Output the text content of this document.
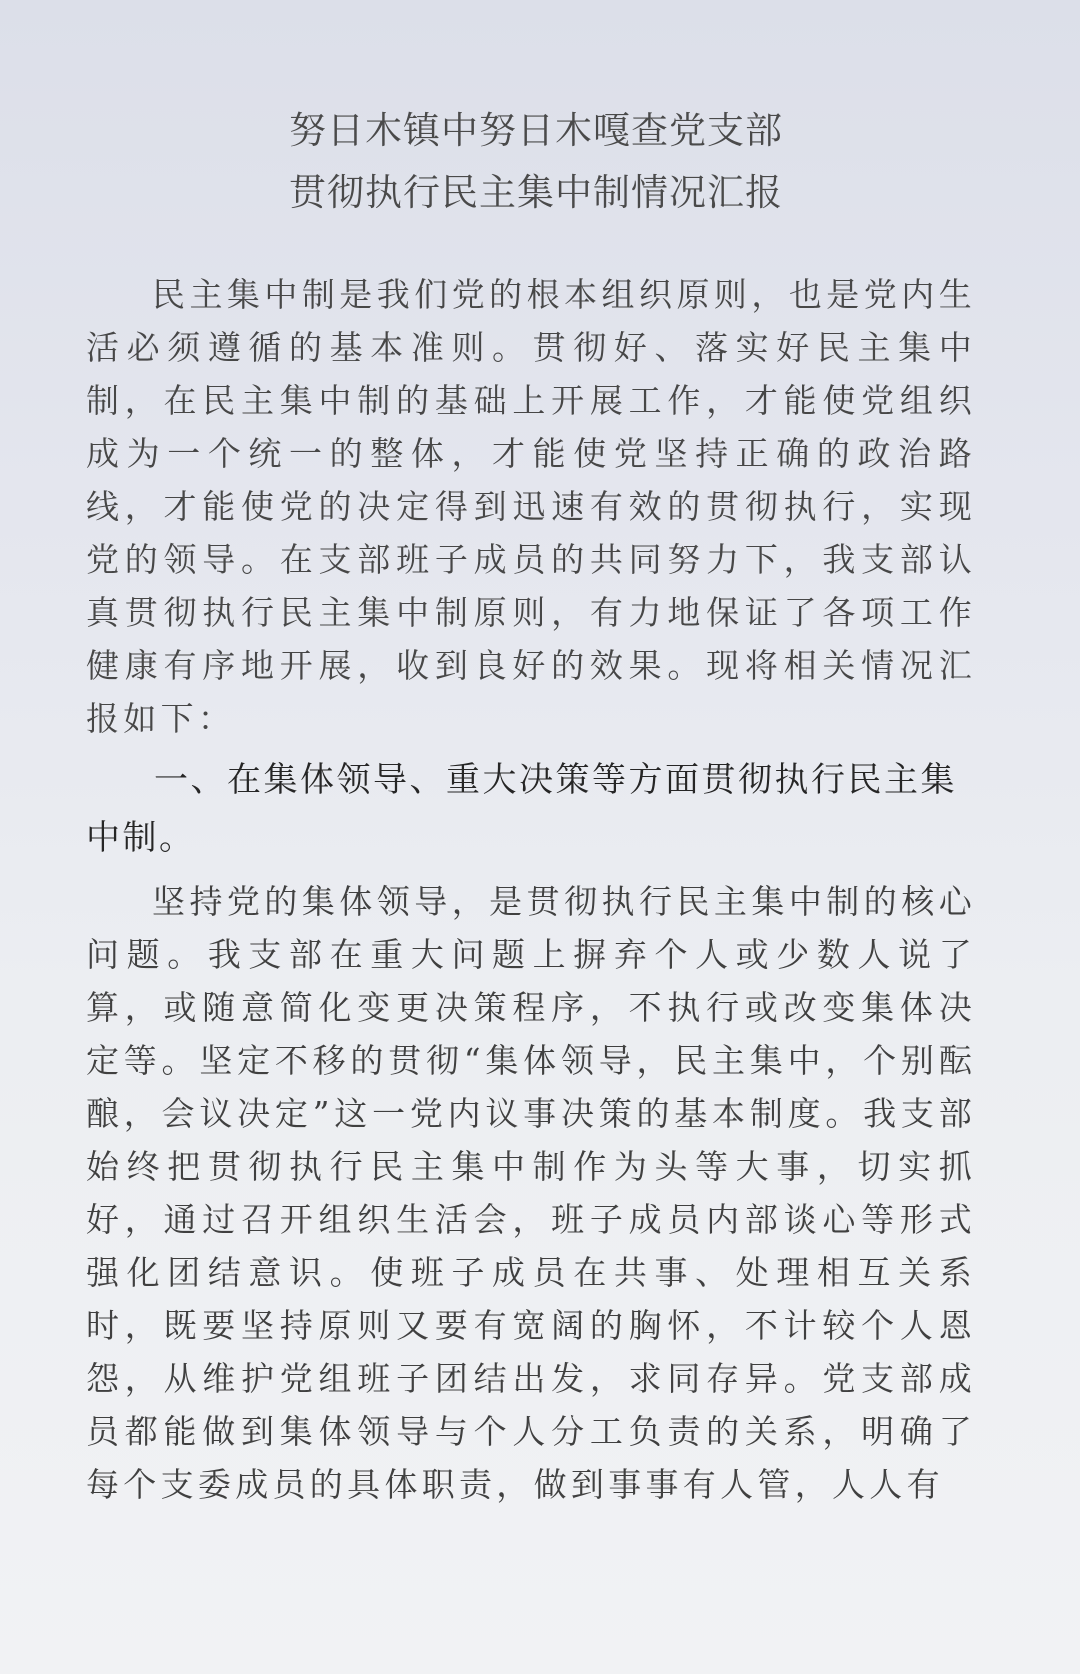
努日木镇中努日木嘎查党支部
贯彻执行民主集中制情况汇报

民主集中制是我们党的根本组织原则，也是党内生活必须遵循的基本准则。贯彻好、落实好民主集中制，在民主集中制的基础上开展工作，才能使党组织成为一个统一的整体，才能使党坚持正确的政治路线，才能使党的决定得到迅速有效的贯彻执行，实现党的领导。在支部班子成员的共同努力下，我支部认真贯彻执行民主集中制原则，有力地保证了各项工作健康有序地开展，收到良好的效果。现将相关情况汇报如下：

一、在集体领导、重大决策等方面贯彻执行民主集中制。

坚持党的集体领导，是贯彻执行民主集中制的核心问题。我支部在重大问题上摒弃个人或少数人说了算，或随意简化变更决策程序，不执行或改变集体决定等。坚定不移的贯彻“集体领导，民主集中，个别酝酿，会议决定”这一党内议事决策的基本制度。我支部始终把贯彻执行民主集中制作为头等大事，切实抓好，通过召开组织生活会，班子成员内部谈心等形式强化团结意识。使班子成员在共事、处理相互关系时，既要坚持原则又要有宽阔的胸怀，不计较个人恩怨，从维护党组班子团结出发，求同存异。党支部成员都能做到集体领导与个人分工负责的关系，明确了每个支委成员的具体职责，做到事事有人管，人人有
